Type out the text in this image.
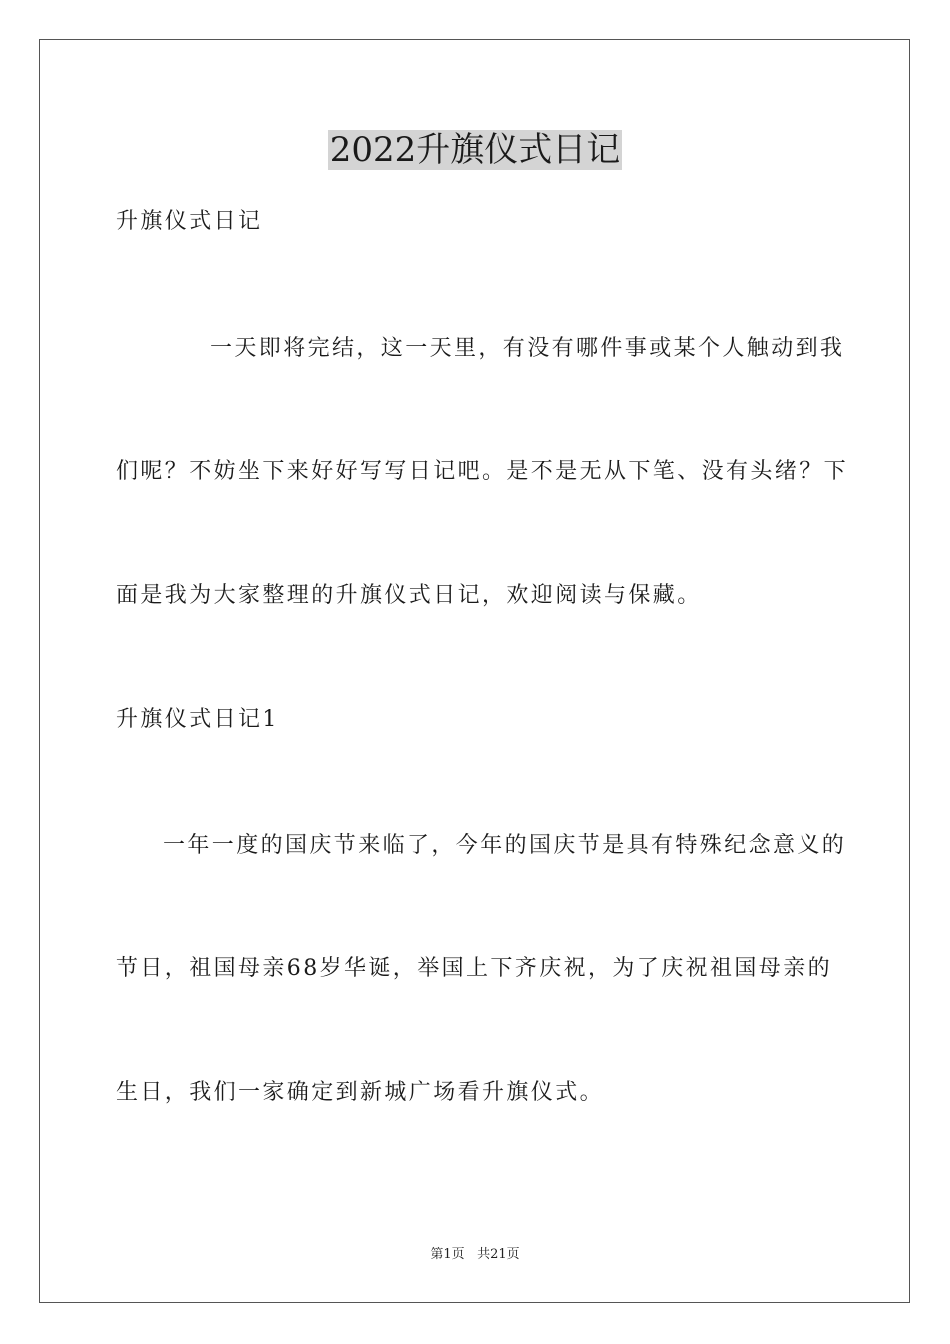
2022升旗仪式日记

升旗仪式日记

一天即将完结，这一天里，有没有哪件事或某个人触动到我

们呢？不妨坐下来好好写写日记吧。是不是无从下笔、没有头绪？下

面是我为大家整理的升旗仪式日记，欢迎阅读与保藏。

升旗仪式日记1

一年一度的国庆节来临了，今年的国庆节是具有特殊纪念意义的

节日，祖国母亲68岁华诞，举国上下齐庆祝，为了庆祝祖国母亲的

生日，我们一家确定到新城广场看升旗仪式。

第1页 共21页
